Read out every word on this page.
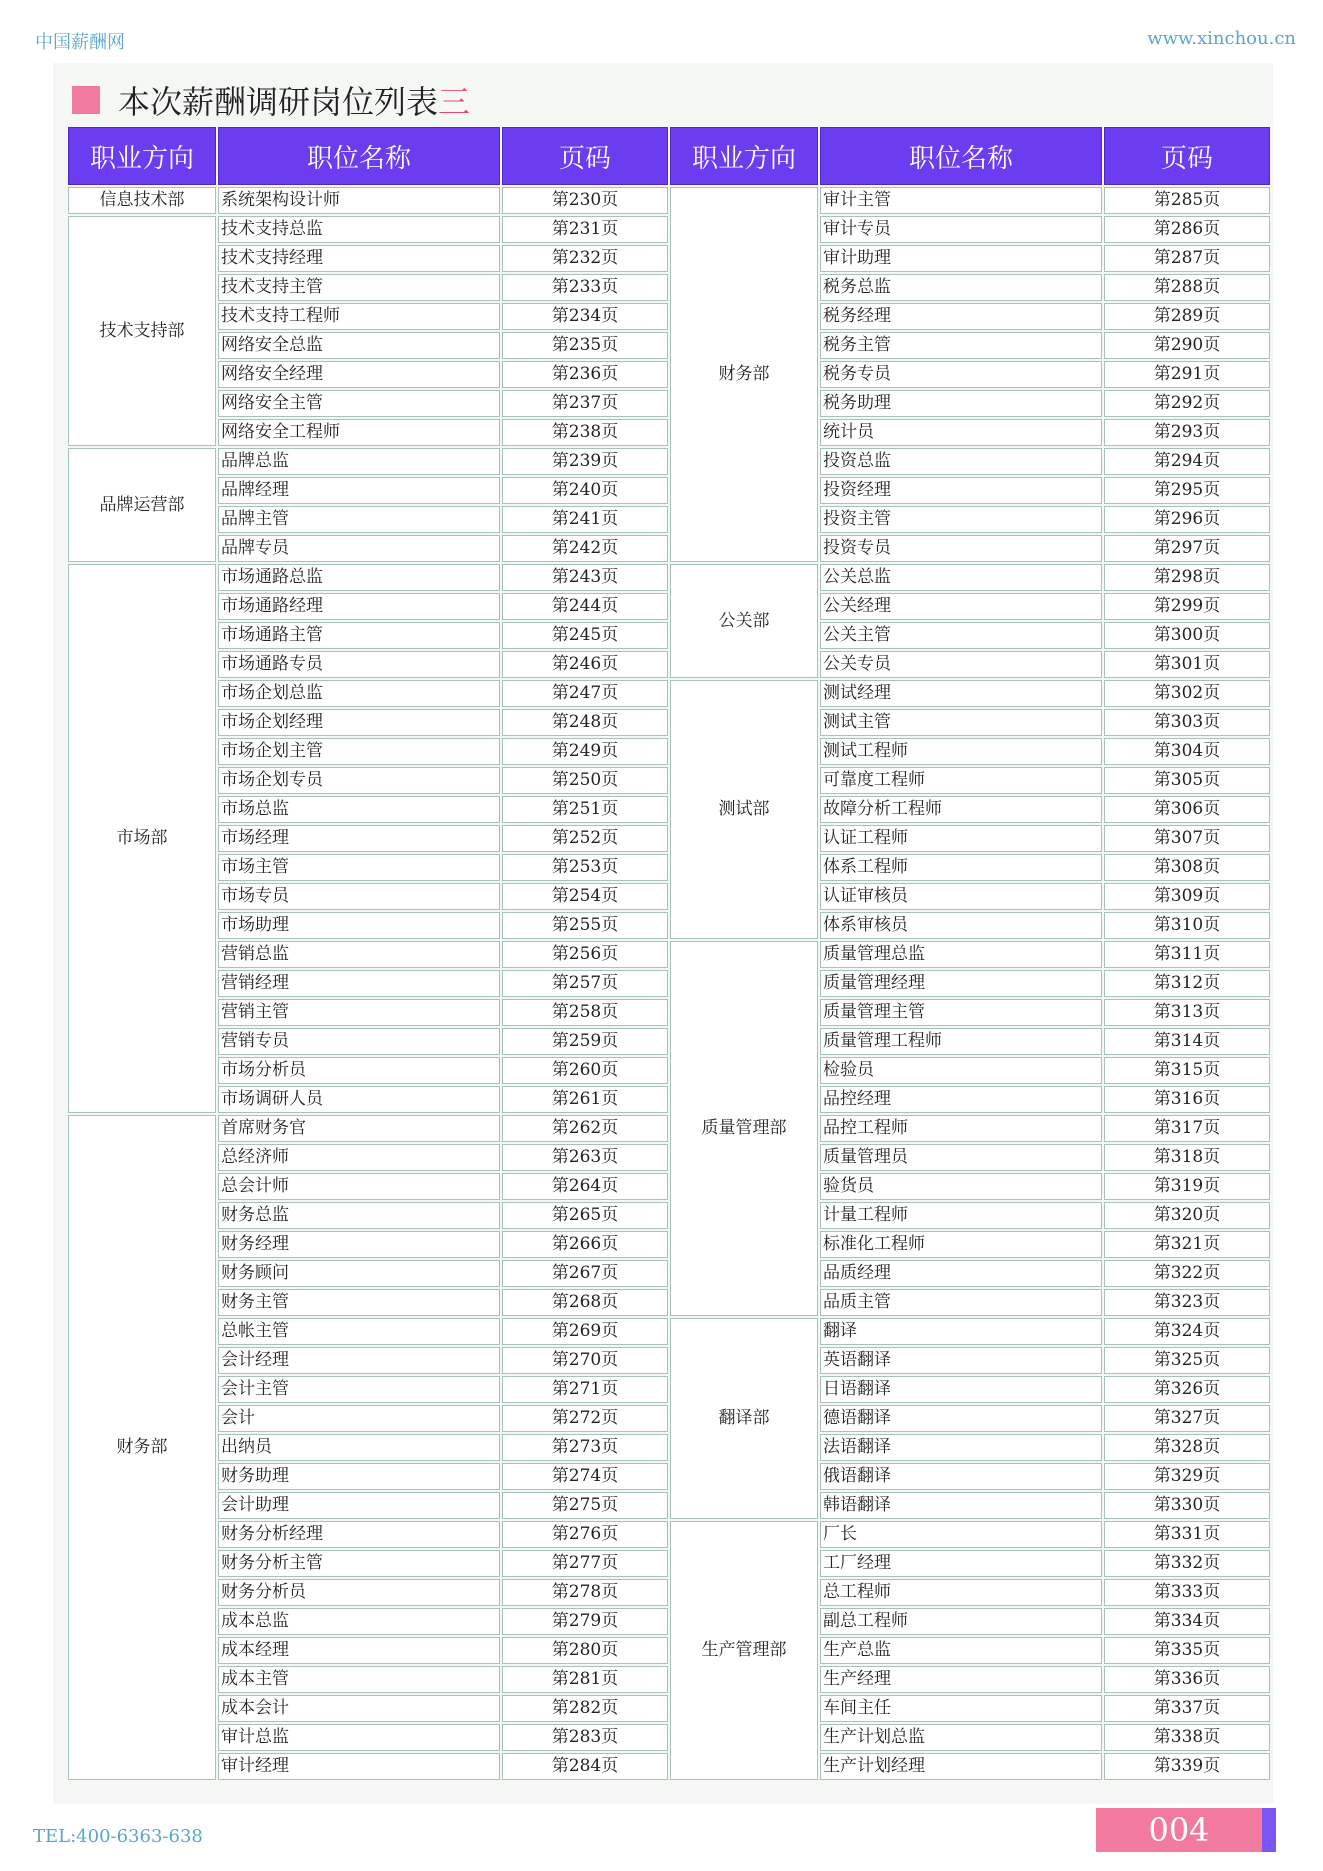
中国薪酬网	www.xinchou.cn
本次薪酬调研岗位列表 三
职业方向	职位名称	页码	职业方向	职位名称	页码
信息技术部	系统架构设计师	第230页	财务部	审计主管	第285页
技术支持部	技术支持总监	第231页		审计专员	第286页
	技术支持经理	第232页		审计助理	第287页
	技术支持主管	第233页		税务总监	第288页
	技术支持工程师	第234页		税务经理	第289页
	网络安全总监	第235页		税务主管	第290页
	网络安全经理	第236页		税务专员	第291页
	网络安全主管	第237页		税务助理	第292页
	网络安全工程师	第238页		统计员	第293页
品牌运营部	品牌总监	第239页		投资总监	第294页
	品牌经理	第240页		投资经理	第295页
	品牌主管	第241页		投资主管	第296页
	品牌专员	第242页		投资专员	第297页
市场部	市场通路总监	第243页	公关部	公关总监	第298页
	市场通路经理	第244页		公关经理	第299页
	市场通路主管	第245页		公关主管	第300页
	市场通路专员	第246页		公关专员	第301页
	市场企划总监	第247页	测试部	测试经理	第302页
	市场企划经理	第248页		测试主管	第303页
	市场企划主管	第249页		测试工程师	第304页
	市场企划专员	第250页		可靠度工程师	第305页
	市场总监	第251页		故障分析工程师	第306页
	市场经理	第252页		认证工程师	第307页
	市场主管	第253页		体系工程师	第308页
	市场专员	第254页		认证审核员	第309页
	市场助理	第255页		体系审核员	第310页
	营销总监	第256页	质量管理部	质量管理总监	第311页
	营销经理	第257页		质量管理经理	第312页
	营销主管	第258页		质量管理主管	第313页
	营销专员	第259页		质量管理工程师	第314页
	市场分析员	第260页		检验员	第315页
	市场调研人员	第261页		品控经理	第316页
财务部	首席财务官	第262页		品控工程师	第317页
	总经济师	第263页		质量管理员	第318页
	总会计师	第264页		验货员	第319页
	财务总监	第265页		计量工程师	第320页
	财务经理	第266页		标准化工程师	第321页
	财务顾问	第267页		品质经理	第322页
	财务主管	第268页		品质主管	第323页
	总帐主管	第269页	翻译部	翻译	第324页
	会计经理	第270页		英语翻译	第325页
	会计主管	第271页		日语翻译	第326页
	会计	第272页		德语翻译	第327页
	出纳员	第273页		法语翻译	第328页
	财务助理	第274页		俄语翻译	第329页
	会计助理	第275页		韩语翻译	第330页
	财务分析经理	第276页	生产管理部	厂长	第331页
	财务分析主管	第277页		工厂经理	第332页
	财务分析员	第278页		总工程师	第333页
	成本总监	第279页		副总工程师	第334页
	成本经理	第280页		生产总监	第335页
	成本主管	第281页		生产经理	第336页
	成本会计	第282页		车间主任	第337页
	审计总监	第283页		生产计划总监	第338页
	审计经理	第284页		生产计划经理	第339页
TEL:400-6363-638	004
